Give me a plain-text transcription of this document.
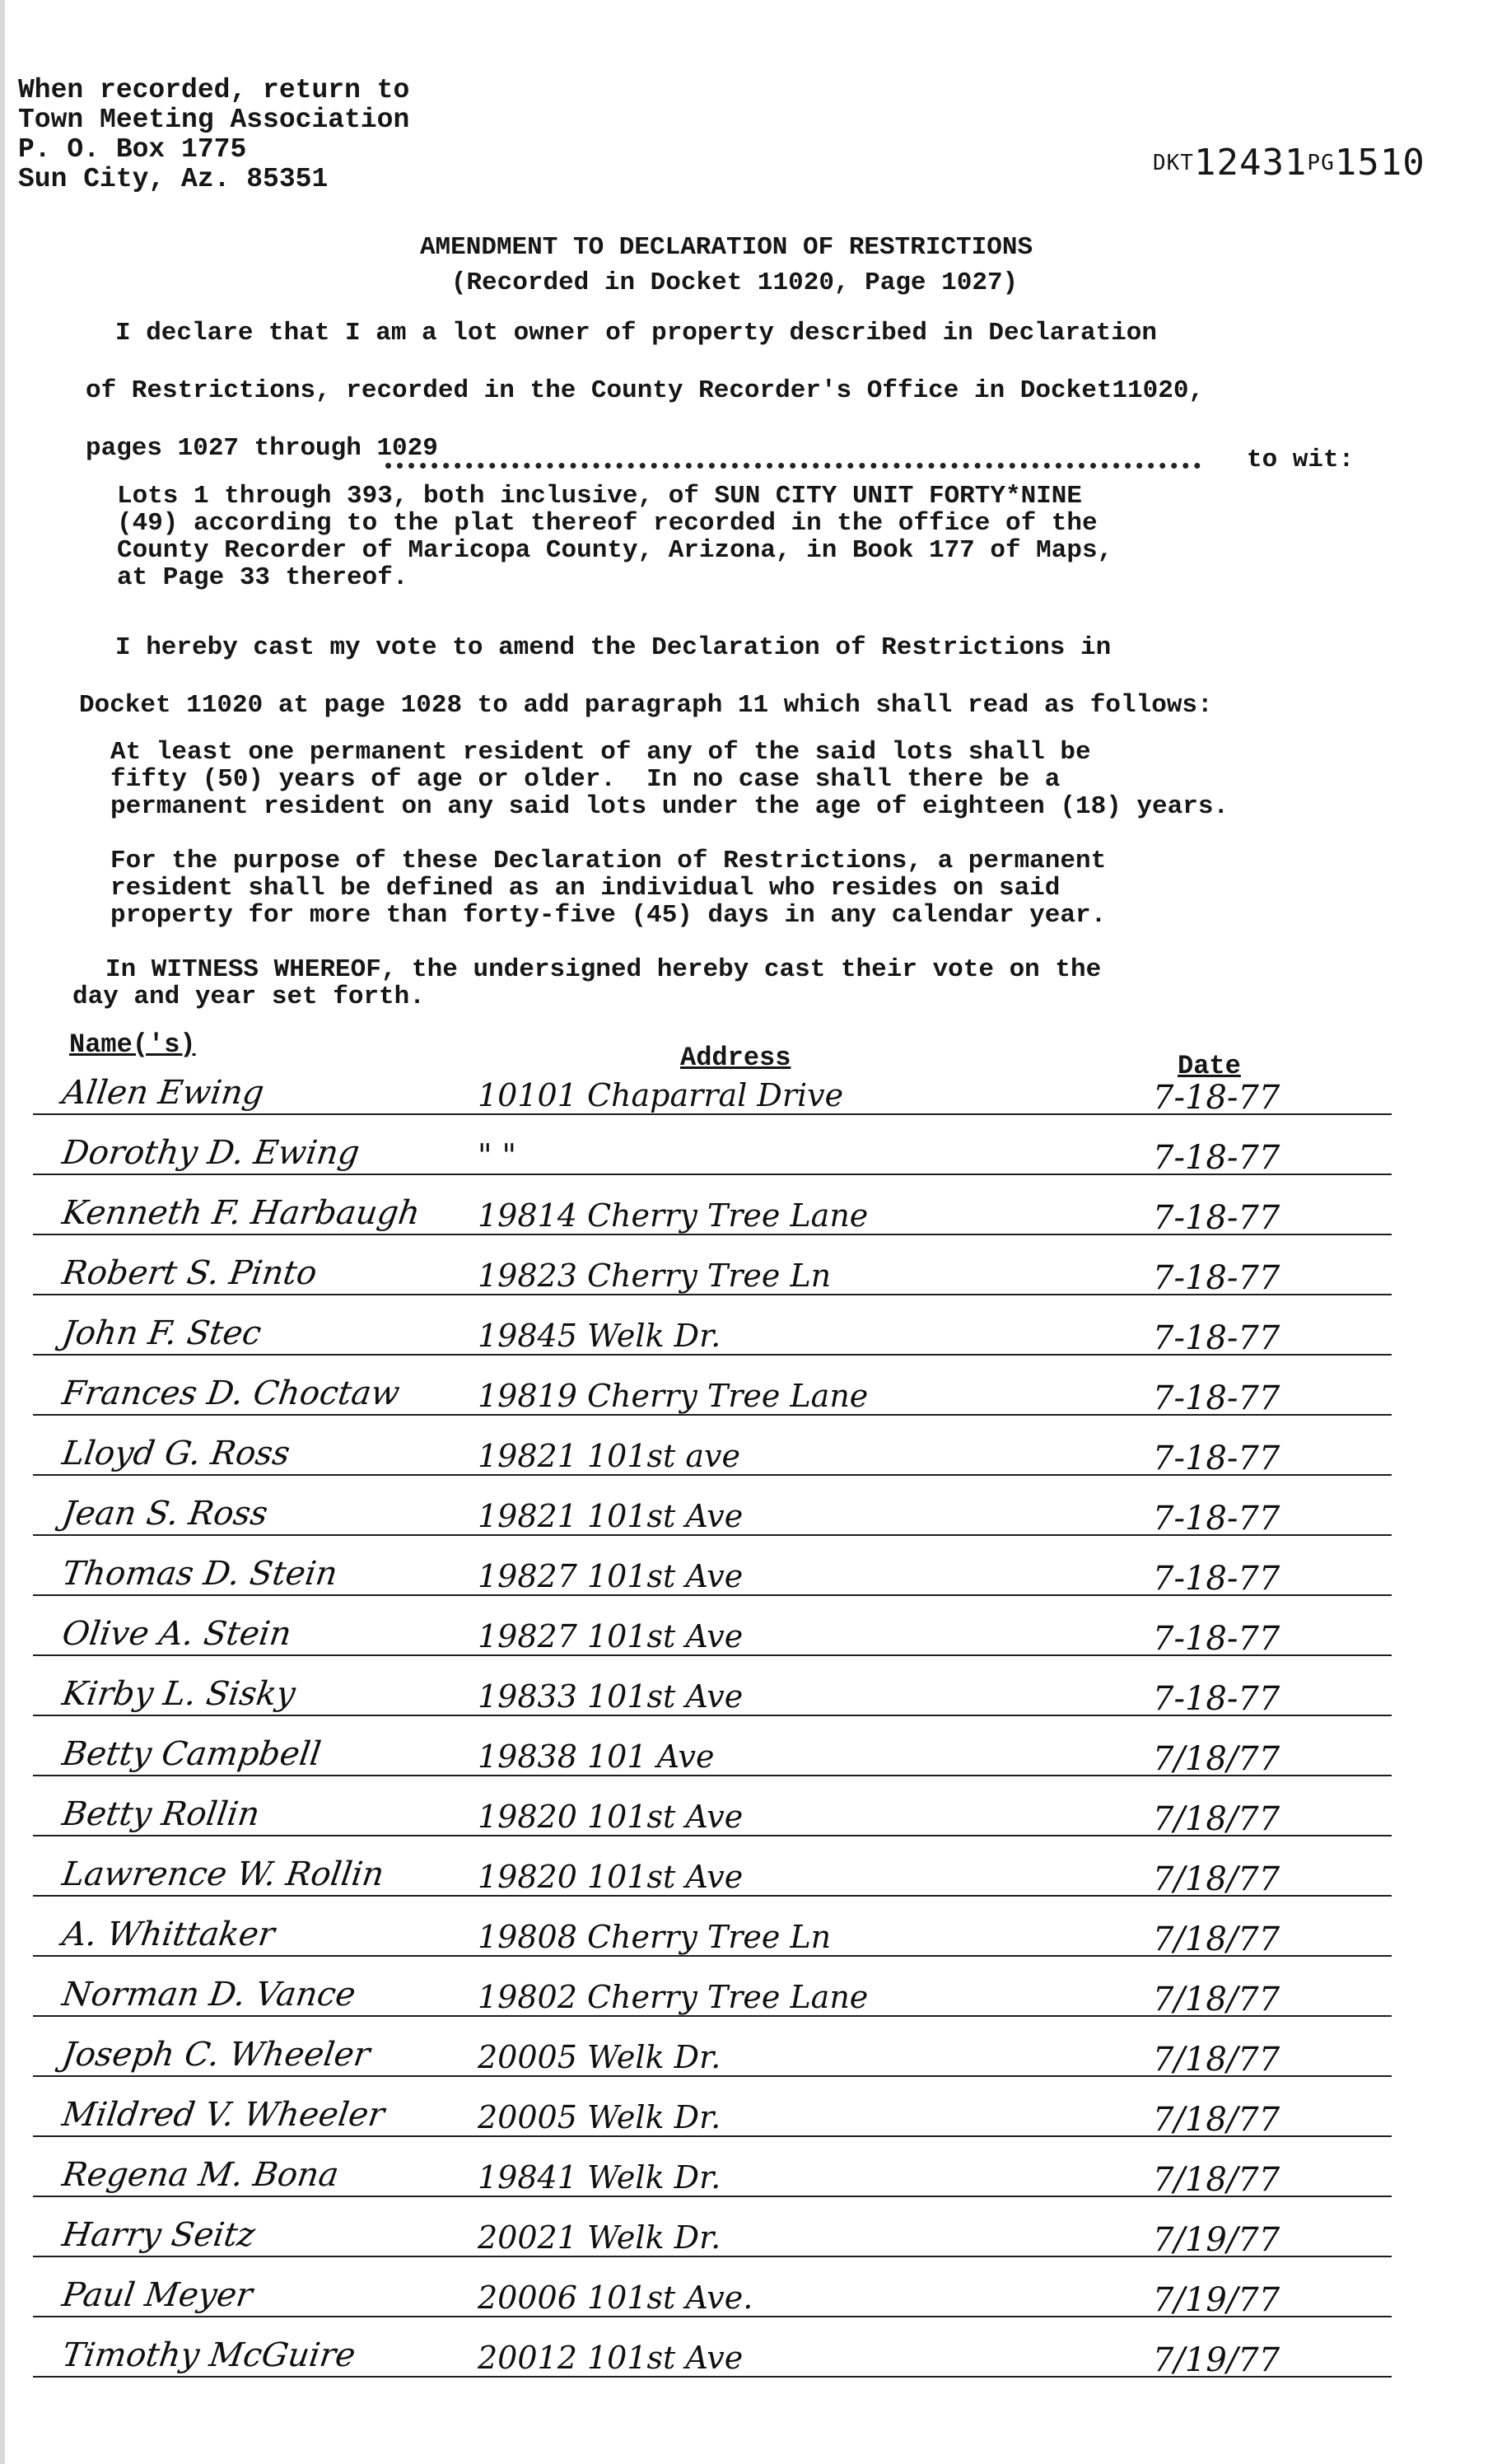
When recorded, return to
Town Meeting Association
P. O. Box 1775
Sun City, Az. 85351
DKT12431PG1510
AMENDMENT TO DECLARATION OF RESTRICTIONS
(Recorded in Docket 11020, Page 1027)
I declare that I am a lot owner of property described in Declaration
of Restrictions, recorded in the County Recorder's Office in Docket11020,
pages 1027 through 1029	to wit:
Lots 1 through 393, both inclusive, of SUN CITY UNIT FORTY*NINE
(49) according to the plat thereof recorded in the office of the
County Recorder of Maricopa County, Arizona, in Book 177 of Maps,
at Page 33 thereof.
I hereby cast my vote to amend the Declaration of Restrictions in
Docket 11020 at page 1028 to add paragraph 11 which shall read as follows:
At least one permanent resident of any of the said lots shall be
fifty (50) years of age or older.  In no case shall there be a
permanent resident on any said lots under the age of eighteen (18) years.
For the purpose of these Declaration of Restrictions, a permanent
resident shall be defined as an individual who resides on said
property for more than forty-five (45) days in any calendar year.
In WITNESS WHEREOF, the undersigned hereby cast their vote on the
day and year set forth.
Name('s)	Address	Date
Allen Ewing	10101 Chaparral Drive	7-18-77
Dorothy D. Ewing	" "	7-18-77
Kenneth F. Harbaugh 19814 Cherry Tree Lane	7-18-77
Robert S. Pinto	19823 Cherry Tree Ln	7-18-77
John F. Stec	19845 Welk Dr.	7-18-77
Frances D. Choctaw 19819 Cherry Tree Lane	7-18-77
Lloyd G. Ross	19821 101st ave	7-18-77
Jean S. Ross	19821 101st Ave	7-18-77
Thomas D. Stein	19827 101st Ave	7-18-77
Olive A. Stein	19827 101st Ave	7-18-77
Kirby L. Sisky	19833 101st Ave	7-18-77
Betty Campbell	19838 101 Ave	7/18/77
Betty Rollin	19820 101st Ave	7/18/77
Lawrence W. Rollin	19820 101st Ave	7/18/77
A. Whittaker	19808 Cherry Tree Ln	7/18/77
Norman D. Vance	19802 Cherry Tree Lane	7/18/77
Joseph C. Wheeler	20005 Welk Dr.	7/18/77
Mildred V. Wheeler	20005 Welk Dr.	7/18/77
Regena M. Bona	19841 Welk Dr.	7/18/77
Harry Seitz	20021 Welk Dr.	7/19/77
Paul Meyer	20006 101st Ave.	7/19/77
Timothy McGuire	20012 101st Ave	7/19/77
